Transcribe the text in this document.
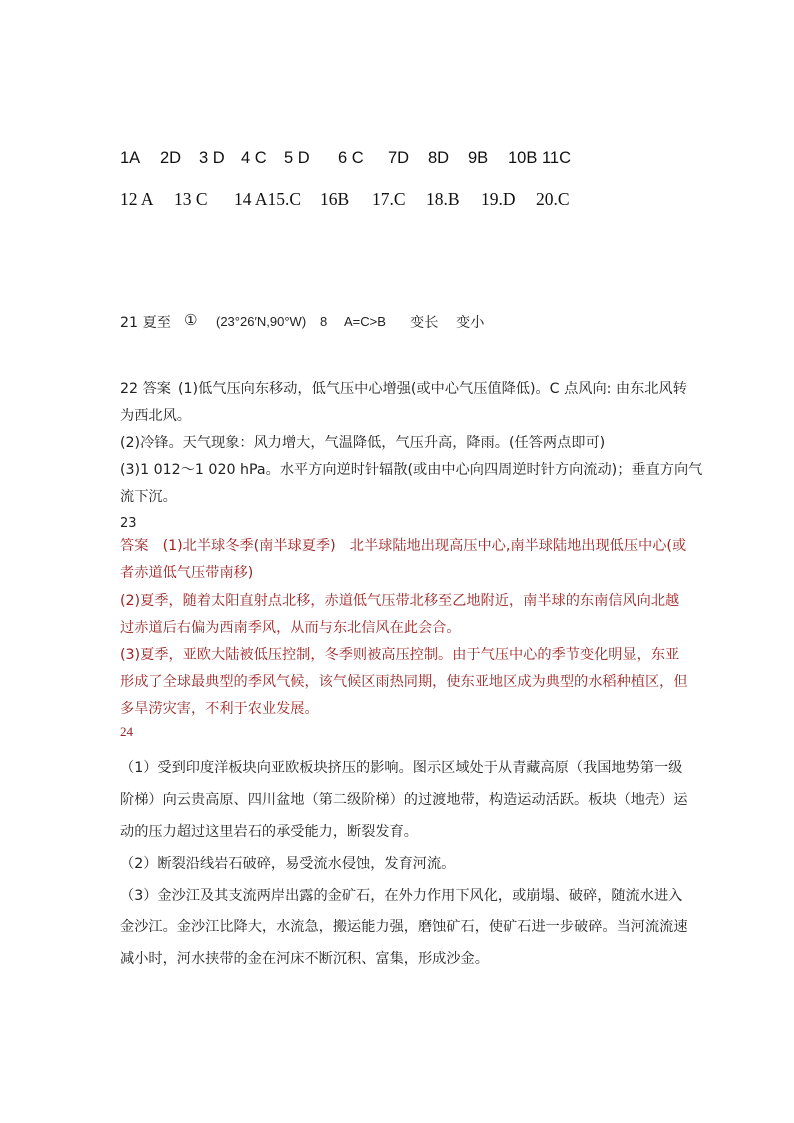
1A 2D 3 D 4 C 5 D 6 C 7D 8D 9B 10B 11C
12 A 13 C 14 A15.C 16B 17.C 18.B 19.D 20.C
21 夏至 ① (23°26′N,90°W) 8 A=C>B 变长 变小
22 答案 (1)低气压向东移动，低气压中心增强(或中心气压值降低)。C 点风向: 由东北风转
为西北风。
(2)冷锋。天气现象：风力增大，气温降低，气压升高，降雨。(任答两点即可)
(3)1 012～1 020 hPa。水平方向逆时针辐散(或由中心向四周逆时针方向流动)；垂直方向气
流下沉。
23
答案　(1)北半球冬季(南半球夏季)　北半球陆地出现高压中心,南半球陆地出现低压中心(或
者赤道低气压带南移)
(2)夏季，随着太阳直射点北移，赤道低气压带北移至乙地附近，南半球的东南信风向北越
过赤道后右偏为西南季风，从而与东北信风在此会合。
(3)夏季，亚欧大陆被低压控制，冬季则被高压控制。由于气压中心的季节变化明显，东亚
形成了全球最典型的季风气候，该气候区雨热同期，使东亚地区成为典型的水稻种植区，但
多旱涝灾害，不利于农业发展。
24
（1）受到印度洋板块向亚欧板块挤压的影响。图示区域处于从青藏高原（我国地势第一级
阶梯）向云贵高原、四川盆地（第二级阶梯）的过渡地带，构造运动活跃。板块（地壳）运
动的压力超过这里岩石的承受能力，断裂发育。
（2）断裂沿线岩石破碎，易受流水侵蚀，发育河流。
（3）金沙江及其支流两岸出露的金矿石，在外力作用下风化，或崩塌、破碎，随流水进入
金沙江。金沙江比降大，水流急，搬运能力强，磨蚀矿石，使矿石进一步破碎。当河流流速
减小时，河水挟带的金在河床不断沉积、富集，形成沙金。
